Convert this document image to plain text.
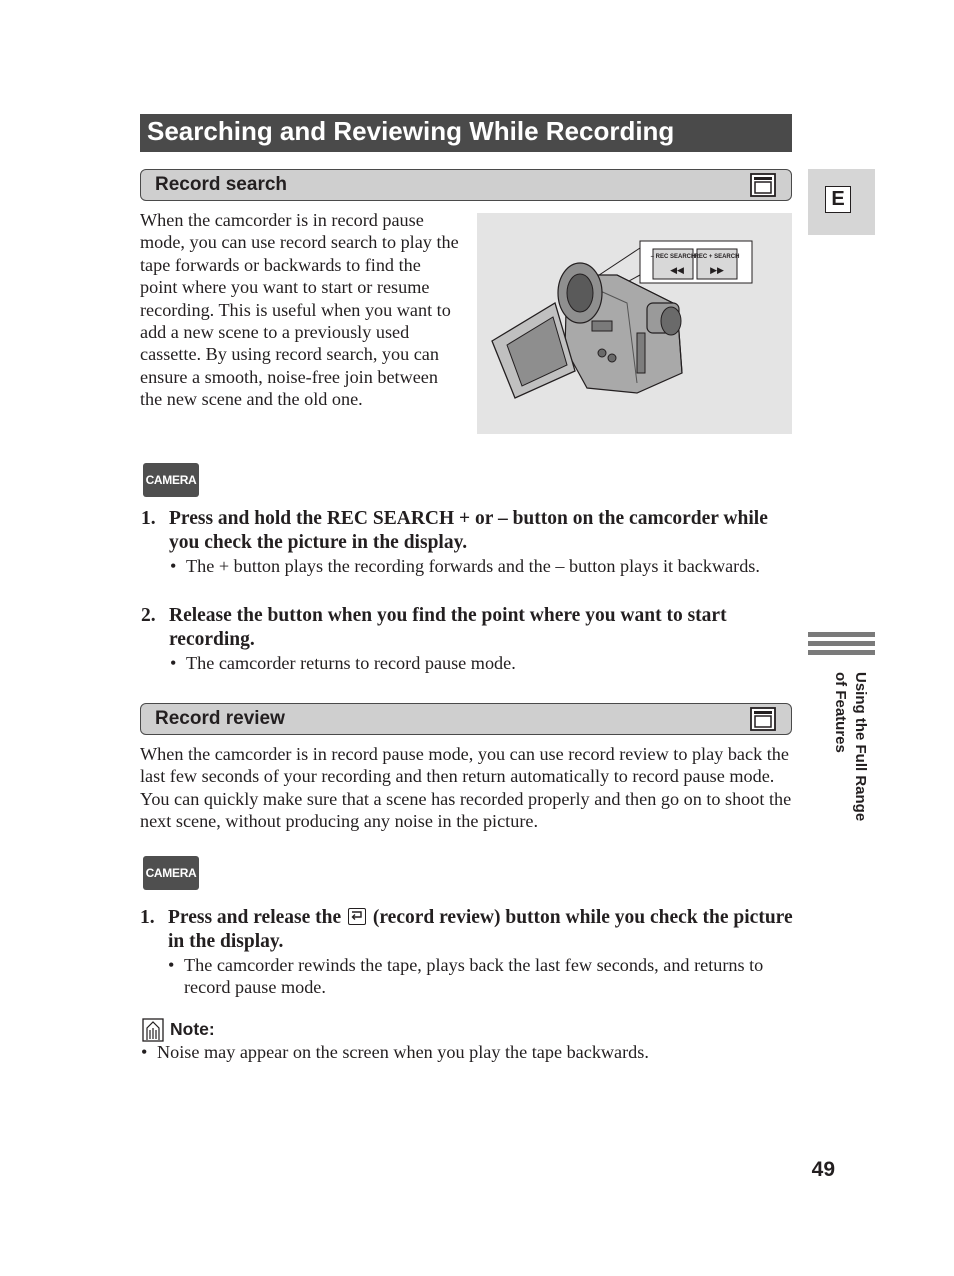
Searching and Reviewing While Recording
E
Using the Full Range of Features
Record search
When the camcorder is in record pause mode, you can use record search to play the tape forwards or backwards to find the point where you want to start or resume recording. This is useful when you want to add a new scene to a previously used cassette. By using record search, you can ensure a smooth, noise-free join between the new scene and the old one.
– REC SEARCH
◀◀
REC + SEARCH
▶▶
CAMERA
1. Press and hold the REC SEARCH + or – button on the camcorder while you check the picture in the display.
• The + button plays the recording forwards and the – button plays it backwards.
2. Release the button when you find the point where you want to start recording.
• The camcorder returns to record pause mode.
Record review
When the camcorder is in record pause mode, you can use record review to play back the last few seconds of your recording and then return automatically to record pause mode. You can quickly make sure that a scene has recorded properly and then go on to shoot the next scene, without producing any noise in the picture.
CAMERA
1. Press and release the (record review) button while you check the picture in the display.
• The camcorder rewinds the tape, plays back the last few seconds, and returns to record pause mode.
Note:
• Noise may appear on the screen when you play the tape backwards.
49
